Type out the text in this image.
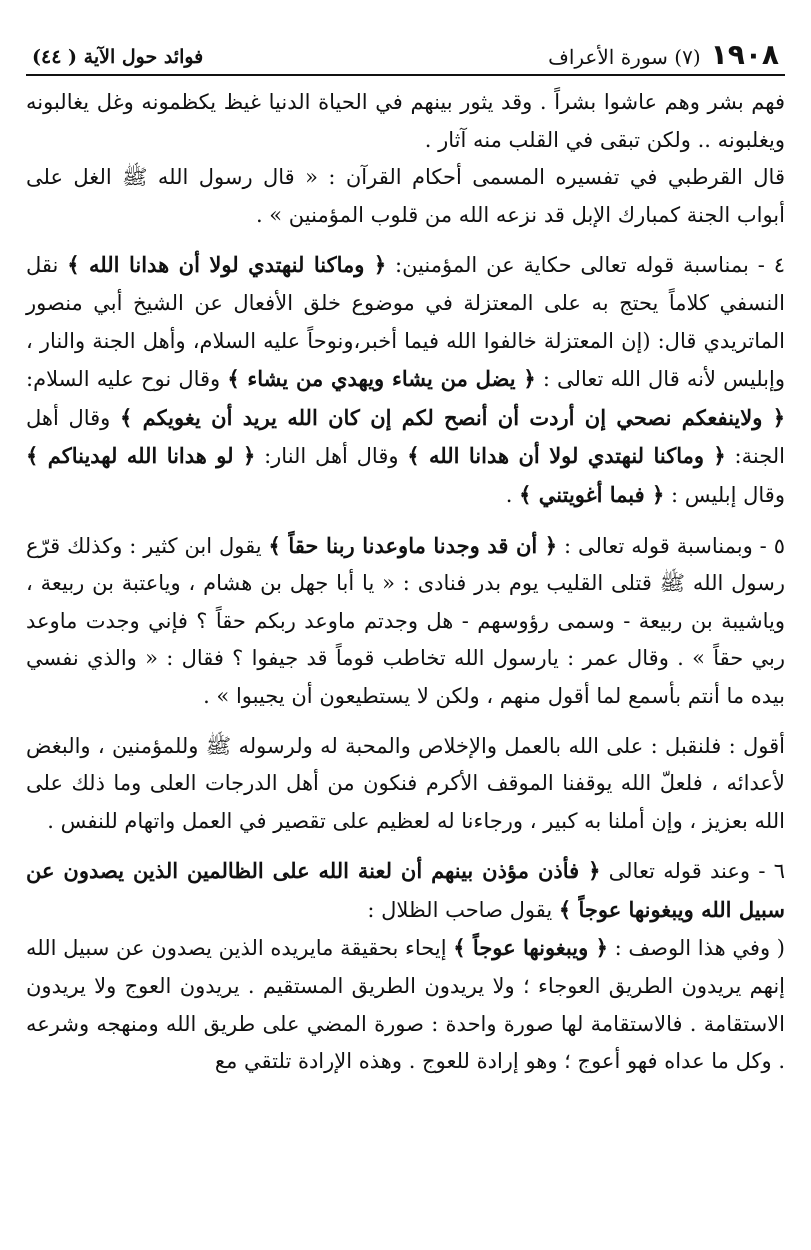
١٩٠٨
(٧) سورة الأعراف
فوائد حول الآية ( ٤٤)

فهم بشر وهم عاشوا بشراً . وقد يثور بينهم في الحياة الدنيا غيظ يكظمونه وغل يغالبونه ويغلبونه .. ولكن تبقى في القلب منه آثار .

قال القرطبي في تفسيره المسمى أحكام القرآن : « قال رسول الله ﷺ الغل على أبواب الجنة كمبارك الإبل قد نزعه الله من قلوب المؤمنين » .

٤ - بمناسبة قوله تعالى حكاية عن المؤمنين: ﴿ وماكنا لنهتدي لولا أن هدانا الله ﴾ نقل النسفي كلاماً يحتج به على المعتزلة في موضوع خلق الأفعال عن الشيخ أبي منصور الماتريدي قال: (إن المعتزلة خالفوا الله فيما أخبر،ونوحاً عليه السلام، وأهل الجنة والنار ، وإبليس لأنه قال الله تعالى : ﴿ يضل من يشاء ويهدي من يشاء ﴾ وقال نوح عليه السلام: ﴿ ولاينفعكم نصحي إن أردت أن أنصح لكم إن كان الله يريد أن يغويكم ﴾ وقال أهل الجنة: ﴿ وماكنا لنهتدي لولا أن هدانا الله ﴾ وقال أهل النار: ﴿ لو هدانا الله لهديناكم ﴾ وقال إبليس : ﴿ فبما أغويتني ﴾ .

٥ - وبمناسبة قوله تعالى : ﴿ أن قد وجدنا ماوعدنا ربنا حقاً ﴾ يقول ابن كثير : وكذلك قرّع رسول الله ﷺ قتلى القليب يوم بدر فنادى : « يا أبا جهل بن هشام ، وياعتبة بن ربيعة ، وياشيبة بن ربيعة - وسمى رؤوسهم - هل وجدتم ماوعد ربكم حقاً ؟ فإني وجدت ماوعد ربي حقاً » . وقال عمر : يارسول الله تخاطب قوماً قد جيفوا ؟ فقال : « والذي نفسي بيده ما أنتم بأسمع لما أقول منهم ، ولكن لا يستطيعون أن يجيبوا » .

أقول : فلنقبل : على الله بالعمل والإخلاص والمحبة له ولرسوله ﷺ وللمؤمنين ، والبغض لأعدائه ، فلعلّ الله يوقفنا الموقف الأكرم فنكون من أهل الدرجات العلى وما ذلك على الله بعزيز ، وإن أملنا به كبير ، ورجاءنا له لعظيم على تقصير في العمل واتهام للنفس .

٦ - وعند قوله تعالى ﴿ فأذن مؤذن بينهم أن لعنة الله على الظالمين الذين يصدون عن سبيل الله ويبغونها عوجاً ﴾ يقول صاحب الظلال :

( وفي هذا الوصف : ﴿ ويبغونها عوجاً ﴾ إيحاء بحقيقة مايريده الذين يصدون عن سبيل الله إنهم يريدون الطريق العوجاء ؛ ولا يريدون الطريق المستقيم . يريدون العوج ولا يريدون الاستقامة . فالاستقامة لها صورة واحدة : صورة المضي على طريق الله ومنهجه وشرعه . وكل ما عداه فهو أعوج ؛ وهو إرادة للعوج . وهذه الإرادة تلتقي مع
